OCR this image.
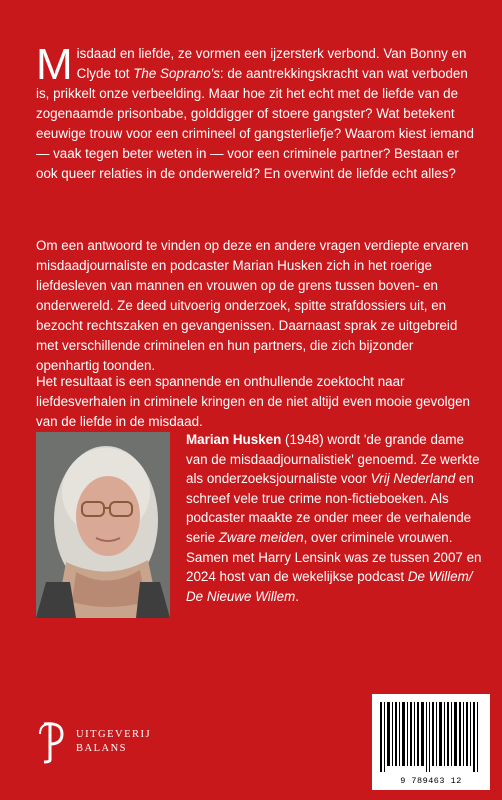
Misdaad en liefde, ze vormen een ijzersterk verbond. Van Bonny en Clyde tot The Soprano's: de aantrekkingskracht van wat verboden is, prikkelt onze verbeelding. Maar hoe zit het echt met de liefde van de zogenaamde prisonbabe, golddigger of stoere gangster? Wat betekent eeuwige trouw voor een crimineel of gangsterliefje? Waarom kiest iemand — vaak tegen beter weten in — voor een criminele partner? Bestaan er ook queer relaties in de onderwereld? En overwint de liefde echt alles?

Om een antwoord te vinden op deze en andere vragen verdiepte ervaren misdaadjournaliste en podcaster Marian Husken zich in het roerige liefdesleven van mannen en vrouwen op de grens tussen boven- en onderwereld. Ze deed uitvoerig onderzoek, spitte strafdossiers uit, en bezocht rechtszaken en gevangenissen. Daarnaast sprak ze uitgebreid met verschillende criminelen en hun partners, die zich bijzonder openhartig toonden.

Het resultaat is een spannende en onthullende zoektocht naar liefdesverhalen in criminele kringen en de niet altijd even mooie gevolgen van de liefde in de misdaad.

Marian Husken (1948) wordt 'de grande dame van de misdaadjournalistiek' genoemd. Ze werkte als onderzoeksjournaliste voor Vrij Nederland en schreef vele true crime non-fictieboeken. Als podcaster maakte ze onder meer de verhalende serie Zware meiden, over criminele vrouwen. Samen met Harry Lensink was ze tussen 2007 en 2024 host van de wekelijkse podcast De Willem/ De Nieuwe Willem.

UITGEVERIJ
BALANS
9 789463 12
